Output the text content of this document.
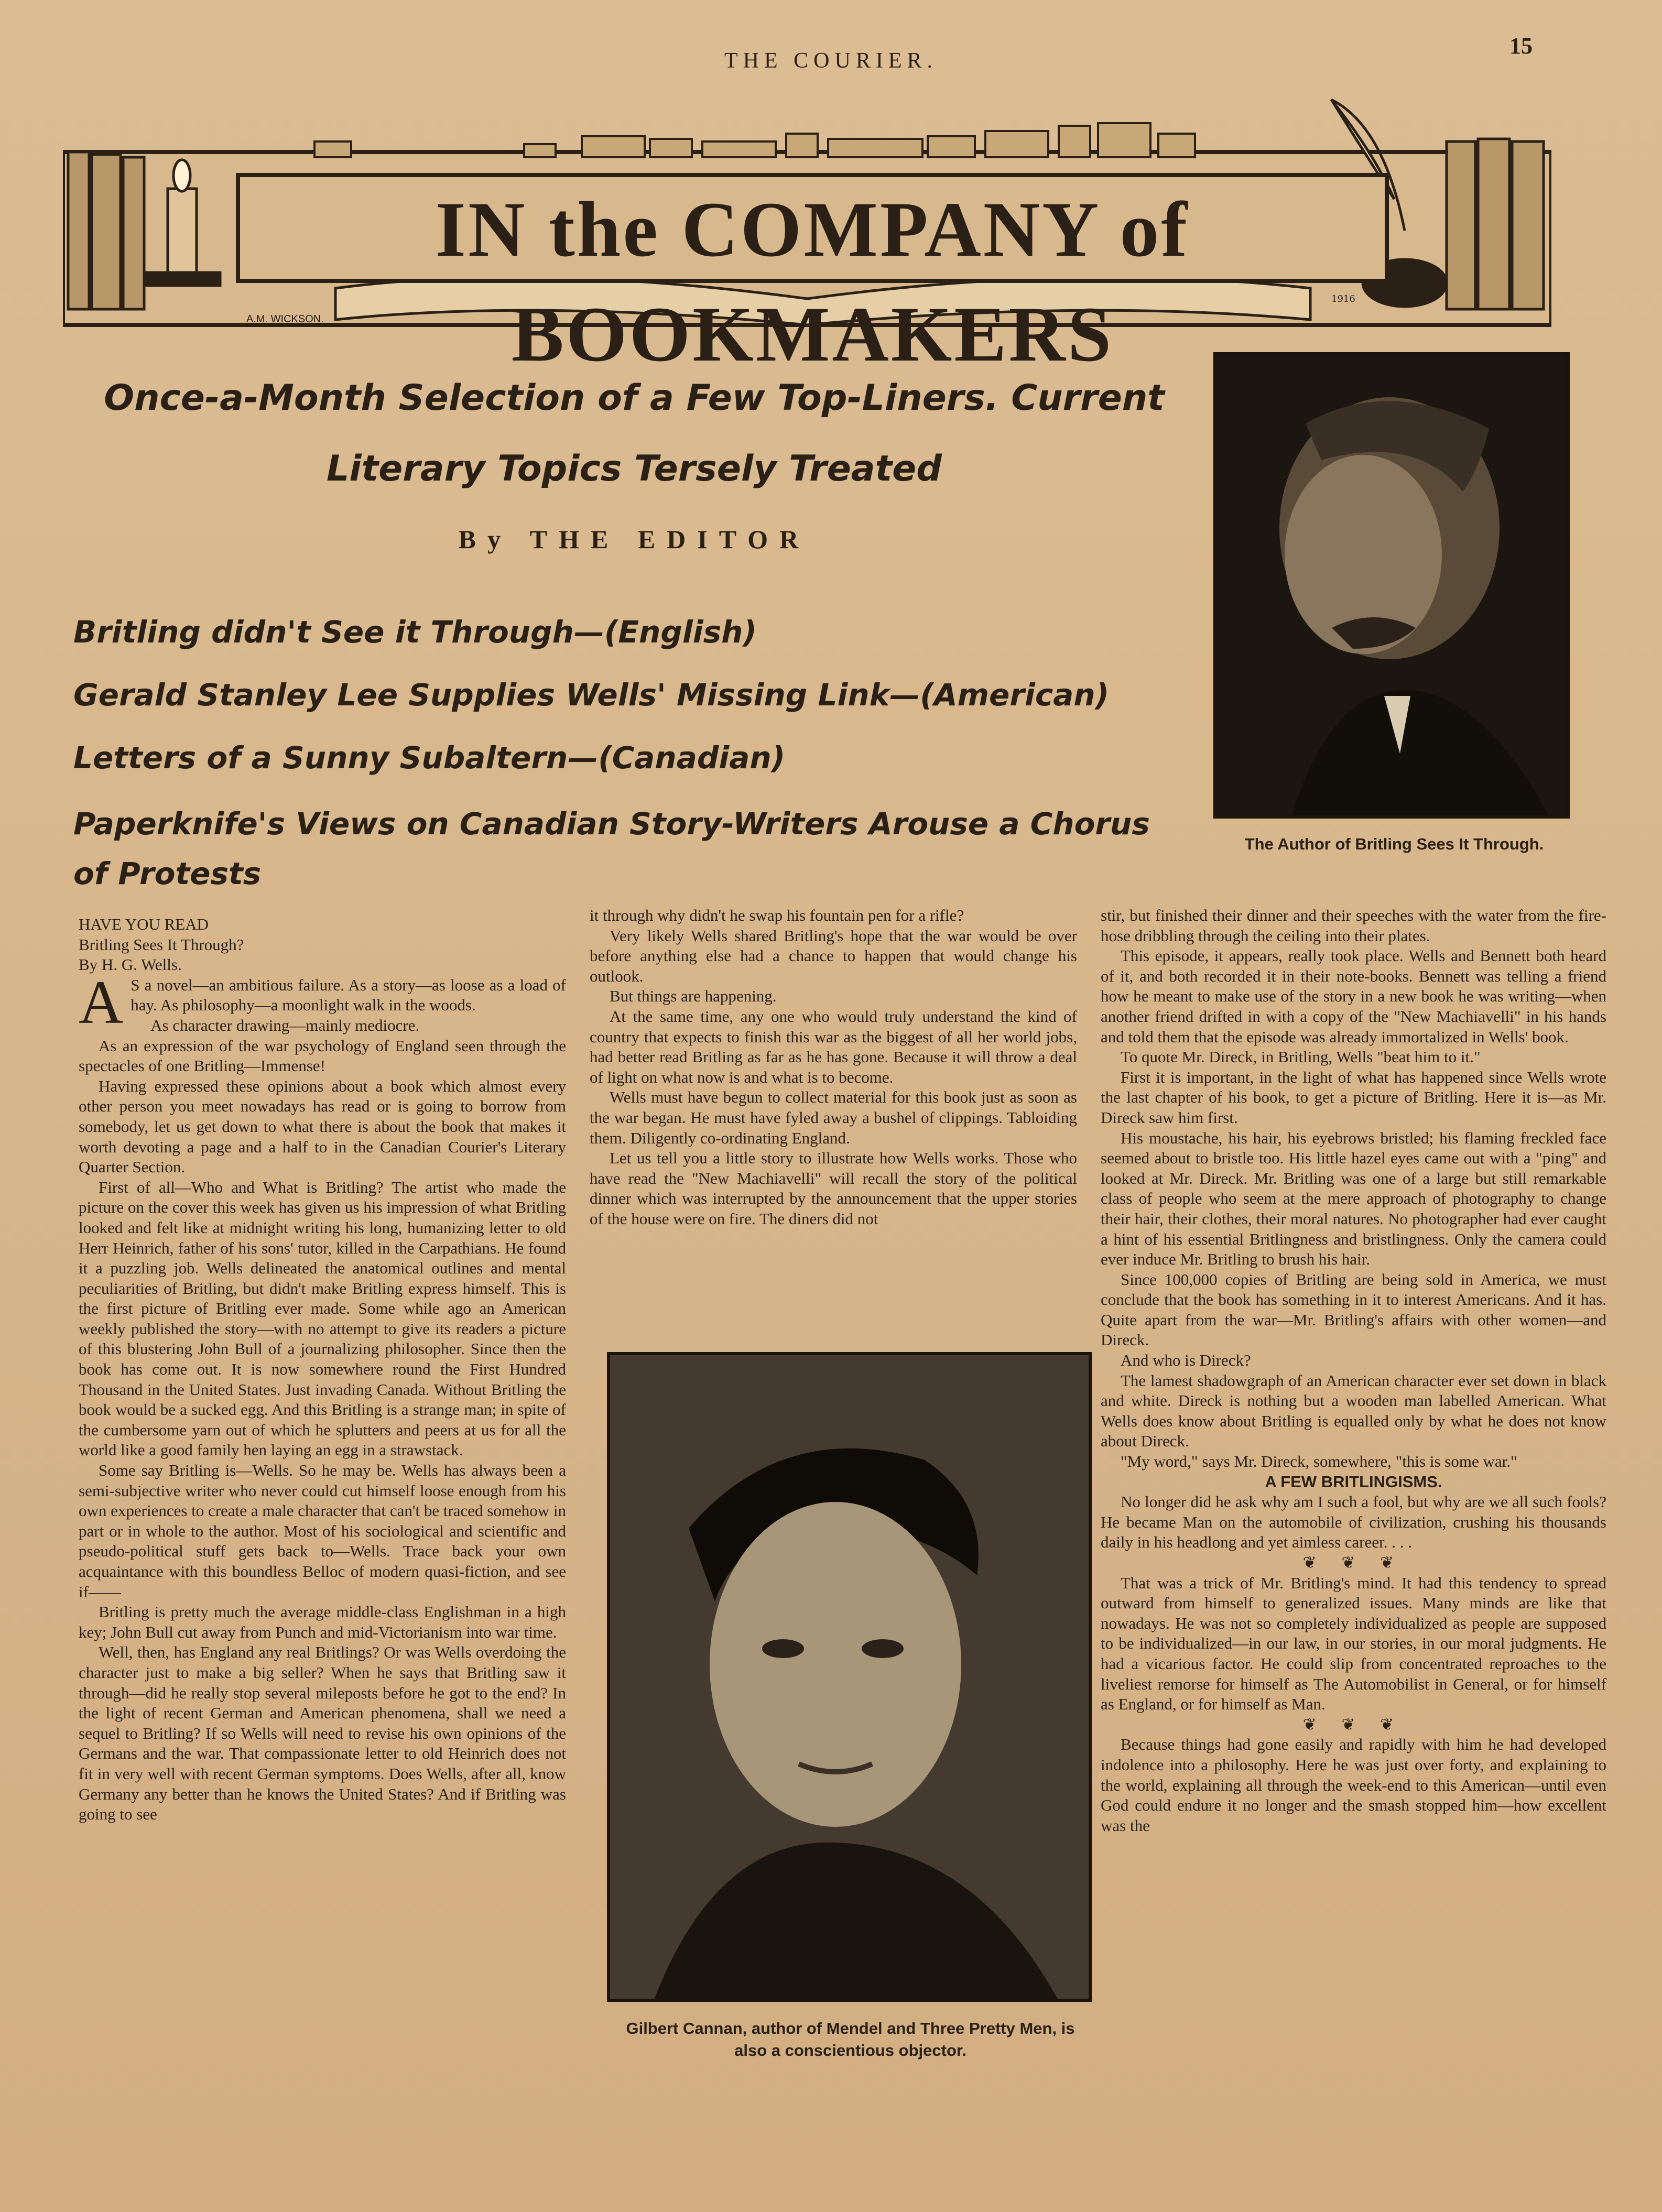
THE COURIER.
15
IN the COMPANY of BOOKMAKERS
A.M. WICKSON.
1916
Once-a-Month Selection of a Few Top-Liners. Current
Literary Topics Tersely Treated
By THE EDITOR
Britling didn't See it Through—(English)
Gerald Stanley Lee Supplies Wells' Missing Link—(American)
Letters of a Sunny Subaltern—(Canadian)
Paperknife's Views on Canadian Story-Writers Arouse a Chorus of Protests
The Author of Britling Sees It Through.

HAVE YOU READ

Britling Sees It Through?

By H. G. Wells.

A S a novel—an ambitious failure. As a story—as loose as a load of hay. As philosophy—a moonlight walk in the woods.

As character drawing—mainly mediocre.

As an expression of the war psychology of England seen through the spectacles of one Britling—Immense!

Having expressed these opinions about a book which almost every other person you meet nowadays has read or is going to borrow from somebody, let us get down to what there is about the book that makes it worth devoting a page and a half to in the Canadian Courier's Literary Quarter Section.

First of all—Who and What is Britling? The artist who made the picture on the cover this week has given us his impression of what Britling looked and felt like at midnight writing his long, humanizing letter to old Herr Heinrich, father of his sons' tutor, killed in the Carpathians. He found it a puzzling job. Wells delineated the anatomical outlines and mental peculiarities of Britling, but didn't make Britling express himself. This is the first picture of Britling ever made. Some while ago an American weekly published the story—with no attempt to give its readers a picture of this blustering John Bull of a journalizing philosopher. Since then the book has come out. It is now somewhere round the First Hundred Thousand in the United States. Just invading Canada. Without Britling the book would be a sucked egg. And this Britling is a strange man; in spite of the cumbersome yarn out of which he splutters and peers at us for all the world like a good family hen laying an egg in a strawstack.

Some say Britling is—Wells. So he may be. Wells has always been a semi-subjective writer who never could cut himself loose enough from his own experiences to create a male character that can't be traced somehow in part or in whole to the author. Most of his sociological and scientific and pseudo-political stuff gets back to—Wells. Trace back your own acquaintance with this boundless Belloc of modern quasi-fiction, and see if——

Britling is pretty much the average middle-class Englishman in a high key; John Bull cut away from Punch and mid-Victorianism into war time.

Well, then, has England any real Britlings? Or was Wells overdoing the character just to make a big seller? When he says that Britling saw it through—did he really stop several mileposts before he got to the end? In the light of recent German and American phenomena, shall we need a sequel to Britling? If so Wells will need to revise his own opinions of the Germans and the war. That compassionate letter to old Heinrich does not fit in very well with recent German symptoms. Does Wells, after all, know Germany any better than he knows the United States? And if Britling was going to see

it through why didn't he swap his fountain pen for a rifle?

Very likely Wells shared Britling's hope that the war would be over before anything else had a chance to happen that would change his outlook.

But things are happening.

At the same time, any one who would truly understand the kind of country that expects to finish this war as the biggest of all her world jobs, had better read Britling as far as he has gone. Because it will throw a deal of light on what now is and what is to become.

Wells must have begun to collect material for this book just as soon as the war began. He must have fyled away a bushel of clippings. Tabloiding them. Diligently co-ordinating England.

Let us tell you a little story to illustrate how Wells works. Those who have read the "New Machiavelli" will recall the story of the political dinner which was interrupted by the announcement that the upper stories of the house were on fire. The diners did not

Gilbert Cannan, author of Mendel and Three Pretty Men, is also a conscientious objector.

stir, but finished their dinner and their speeches with the water from the fire-hose dribbling through the ceiling into their plates.

This episode, it appears, really took place. Wells and Bennett both heard of it, and both recorded it in their note-books. Bennett was telling a friend how he meant to make use of the story in a new book he was writing—when another friend drifted in with a copy of the "New Machiavelli" in his hands and told them that the episode was already immortalized in Wells' book.

To quote Mr. Direck, in Britling, Wells "beat him to it."

First it is important, in the light of what has happened since Wells wrote the last chapter of his book, to get a picture of Britling. Here it is—as Mr. Direck saw him first.

His moustache, his hair, his eyebrows bristled; his flaming freckled face seemed about to bristle too. His little hazel eyes came out with a "ping" and looked at Mr. Direck. Mr. Britling was one of a large but still remarkable class of people who seem at the mere approach of photography to change their hair, their clothes, their moral natures. No photographer had ever caught a hint of his essential Britlingness and bristlingness. Only the camera could ever induce Mr. Britling to brush his hair.

Since 100,000 copies of Britling are being sold in America, we must conclude that the book has something in it to interest Americans. And it has. Quite apart from the war—Mr. Britling's affairs with other women—and Direck.

And who is Direck?

The lamest shadowgraph of an American character ever set down in black and white. Direck is nothing but a wooden man labelled American. What Wells does know about Britling is equalled only by what he does not know about Direck.

"My word," says Mr. Direck, somewhere, "this is some war."

A FEW BRITLINGISMS.

No longer did he ask why am I such a fool, but why are we all such fools? He became Man on the automobile of civilization, crushing his thousands daily in his headlong and yet aimless career. . . .

❦ ❦ ❦

That was a trick of Mr. Britling's mind. It had this tendency to spread outward from himself to generalized issues. Many minds are like that nowadays. He was not so completely individualized as people are supposed to be individualized—in our law, in our stories, in our moral judgments. He had a vicarious factor. He could slip from concentrated reproaches to the liveliest remorse for himself as The Automobilist in General, or for himself as England, or for himself as Man.

❦ ❦ ❦

Because things had gone easily and rapidly with him he had developed indolence into a philosophy. Here he was just over forty, and explaining to the world, explaining all through the week-end to this American—until even God could endure it no longer and the smash stopped him—how excellent was the
